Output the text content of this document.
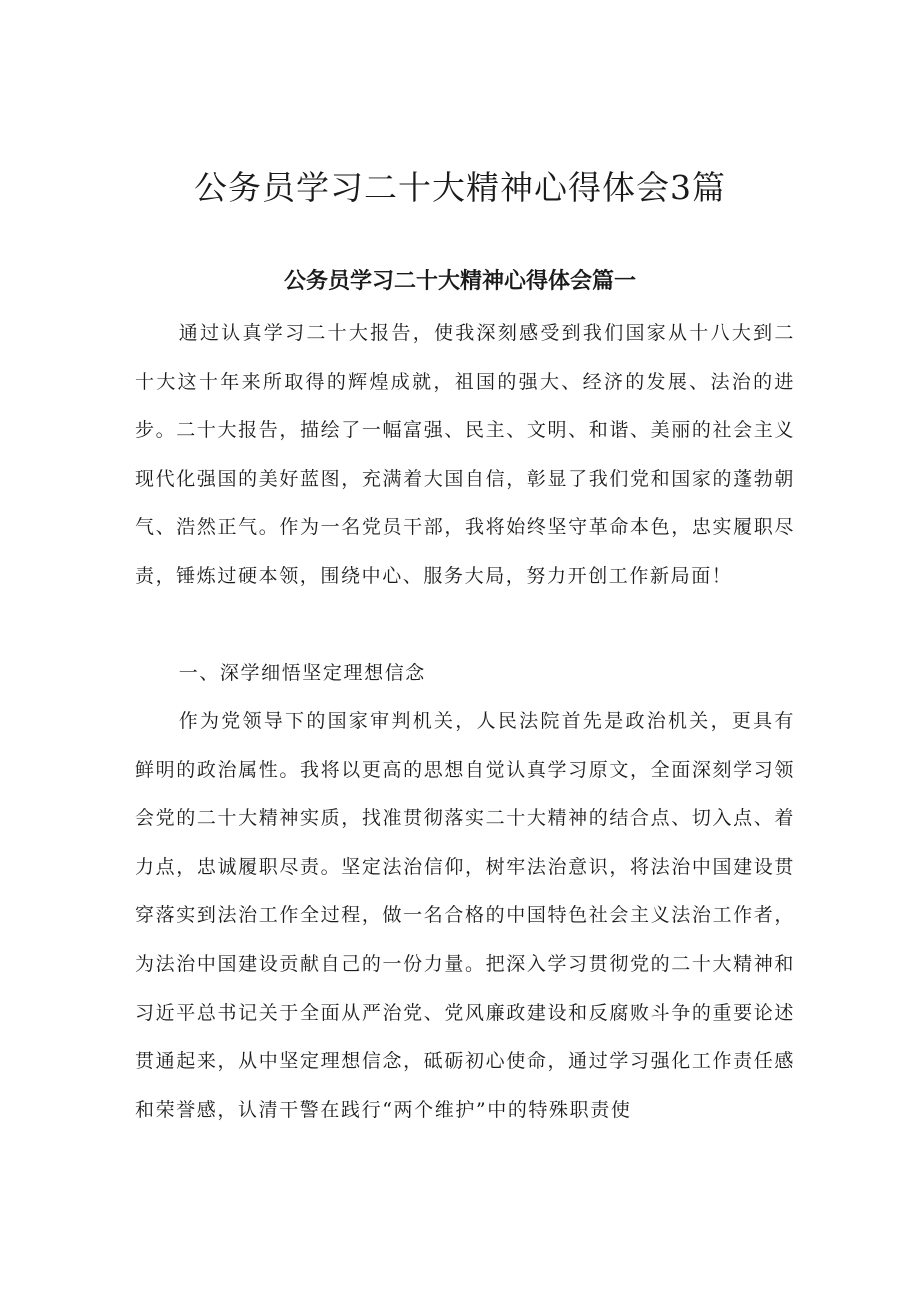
公务员学习二十大精神心得体会3篇
公务员学习二十大精神心得体会篇一

通过认真学习二十大报告，使我深刻感受到我们国家从十八大到二十大这十年来所取得的辉煌成就，祖国的强大、经济的发展、法治的进步。二十大报告，描绘了一幅富强、民主、文明、和谐、美丽的社会主义现代化强国的美好蓝图，充满着大国自信，彰显了我们党和国家的蓬勃朝气、浩然正气。作为一名党员干部，我将始终坚守革命本色，忠实履职尽责，锤炼过硬本领，围绕中心、服务大局，努力开创工作新局面！

一、深学细悟坚定理想信念

作为党领导下的国家审判机关，人民法院首先是政治机关，更具有鲜明的政治属性。我将以更高的思想自觉认真学习原文，全面深刻学习领会党的二十大精神实质，找准贯彻落实二十大精神的结合点、切入点、着力点，忠诚履职尽责。坚定法治信仰，树牢法治意识，将法治中国建设贯穿落实到法治工作全过程，做一名合格的中国特色社会主义法治工作者，为法治中国建设贡献自己的一份力量。把深入学习贯彻党的二十大精神和习近平总书记关于全面从严治党、党风廉政建设和反腐败斗争的重要论述贯通起来，从中坚定理想信念，砥砺初心使命，通过学习强化工作责任感和荣誉感，认清干警在践行“两个维护”中的特殊职责使
